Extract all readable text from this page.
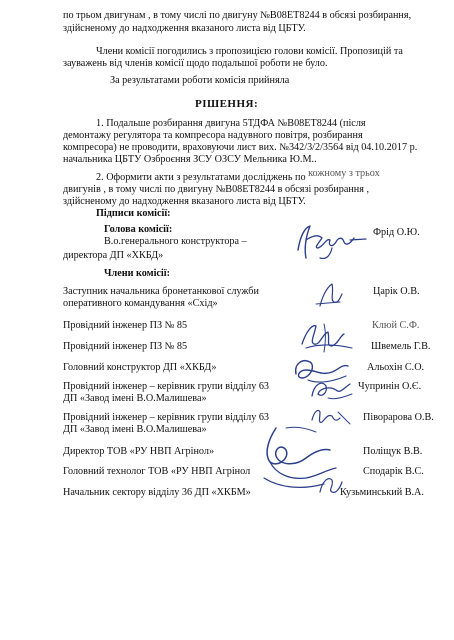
по трьом двигунам , в тому числі по двигуну №В08ЕТ8244 в обсязі розбирання,
здійсненому до надходження вказаного листа від ЦБТУ.
Члени комісії погодились з пропозицією голови комісії. Пропозицій та
зауважень від членів комісії щодо подальшої роботи не було.
За результатами роботи комісія прийняла
РІШЕННЯ:
1. Подальше розбирання двигуна 5ТДФА №В08ЕТ8244 (після
демонтажу регулятора та компресора надувного повітря, розбирання
компресора) не проводити, враховуючи лист вих. №342/3/2/3564 від 04.10.2017 р.
начальника ЦБТУ Озброєння ЗСУ ОЗСУ Мельника Ю.М..
2. Оформити акти з результатами досліджень по кожному з трьох
двигунів , в тому числі по двигуну №В08ЕТ8244 в обсязі розбирання ,
здійсненому до надходження вказаного листа від ЦБТУ.
Підписи комісії:
Голова комісії:
В.о.генерального конструктора –
директора ДП «ХКБД»
Фрід О.Ю.
Члени комісії:
Заступник начальника бронетанкової служби
оперативного командування «Схід»
Царік О.В.
Провідний інженер ПЗ № 85	Клюй С.Ф.
Провідний інженер ПЗ № 85	Швемель Г.В.
Головний конструктор ДП «ХКБД»	Альохін С.О.
Провідний інженер – керівник групи відділу 63
ДП «Завод імені В.О.Малишева»
Чупринін О.Є.
Провідний інженер – керівник групи відділу 63
ДП «Завод імені В.О.Малишева»
Піворарова О.В.
Директор ТОВ «РУ НВП Агрінол»	Поліщук В.В.
Головний технолог ТОВ «РУ НВП Агрінол	Сподарік В.С.
Начальник сектору відділу 36 ДП «ХКБМ»	Кузьминський В.А.
